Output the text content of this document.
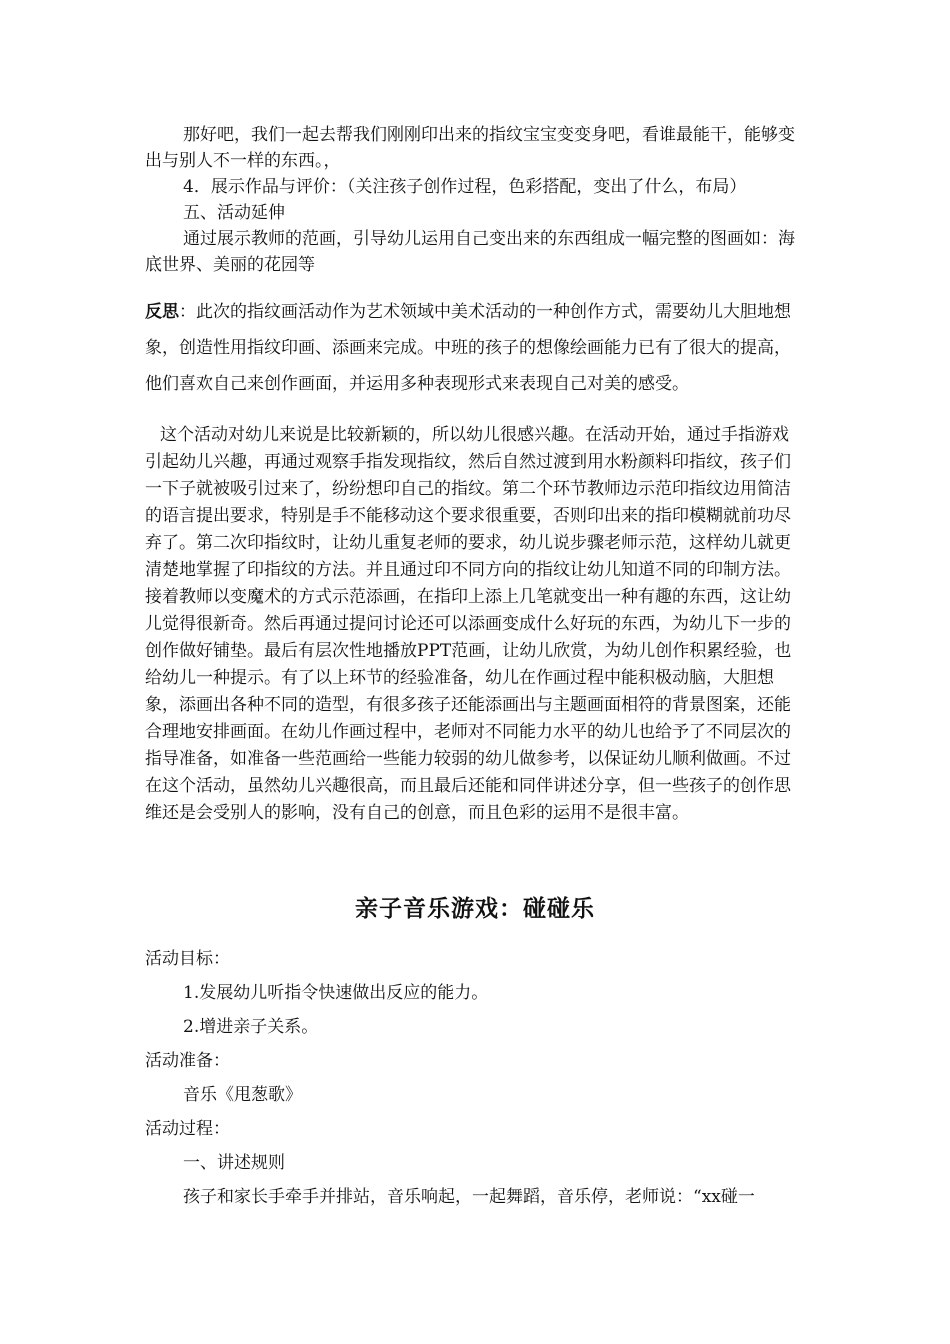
那好吧，我们一起去帮我们刚刚印出来的指纹宝宝变变身吧，看谁最能干，能够变出与别人不一样的东西。，

4．展示作品与评价：（关注孩子创作过程，色彩搭配，变出了什么，布局）

五、活动延伸

通过展示教师的范画，引导幼儿运用自己变出来的东西组成一幅完整的图画如：海底世界、美丽的花园等

反思：此次的指纹画活动作为艺术领域中美术活动的一种创作方式，需要幼儿大胆地想象，创造性用指纹印画、添画来完成。中班的孩子的想像绘画能力已有了很大的提高，他们喜欢自己来创作画面，并运用多种表现形式来表现自己对美的感受。

这个活动对幼儿来说是比较新颖的，所以幼儿很感兴趣。在活动开始，通过手指游戏引起幼儿兴趣，再通过观察手指发现指纹，然后自然过渡到用水粉颜料印指纹，孩子们一下子就被吸引过来了，纷纷想印自己的指纹。第二个环节教师边示范印指纹边用简洁的语言提出要求，特别是手不能移动这个要求很重要，否则印出来的指印模糊就前功尽弃了。第二次印指纹时，让幼儿重复老师的要求，幼儿说步骤老师示范，这样幼儿就更清楚地掌握了印指纹的方法。并且通过印不同方向的指纹让幼儿知道不同的印制方法。接着教师以变魔术的方式示范添画，在指印上添上几笔就变出一种有趣的东西，这让幼儿觉得很新奇。然后再通过提问讨论还可以添画变成什么好玩的东西，为幼儿下一步的创作做好铺垫。最后有层次性地播放PPT范画，让幼儿欣赏，为幼儿创作积累经验，也给幼儿一种提示。有了以上环节的经验准备，幼儿在作画过程中能积极动脑，大胆想象，添画出各种不同的造型，有很多孩子还能添画出与主题画面相符的背景图案，还能合理地安排画面。在幼儿作画过程中，老师对不同能力水平的幼儿也给予了不同层次的指导准备，如准备一些范画给一些能力较弱的幼儿做参考，以保证幼儿顺利做画。不过在这个活动，虽然幼儿兴趣很高，而且最后还能和同伴讲述分享，但一些孩子的创作思维还是会受别人的影响，没有自己的创意，而且色彩的运用不是很丰富。

亲子音乐游戏：碰碰乐

活动目标：

1.发展幼儿听指令快速做出反应的能力。

2.增进亲子关系。

活动准备：

音乐《甩葱歌》

活动过程：

一、讲述规则

孩子和家长手牵手并排站，音乐响起，一起舞蹈，音乐停，老师说：“xx碰一
